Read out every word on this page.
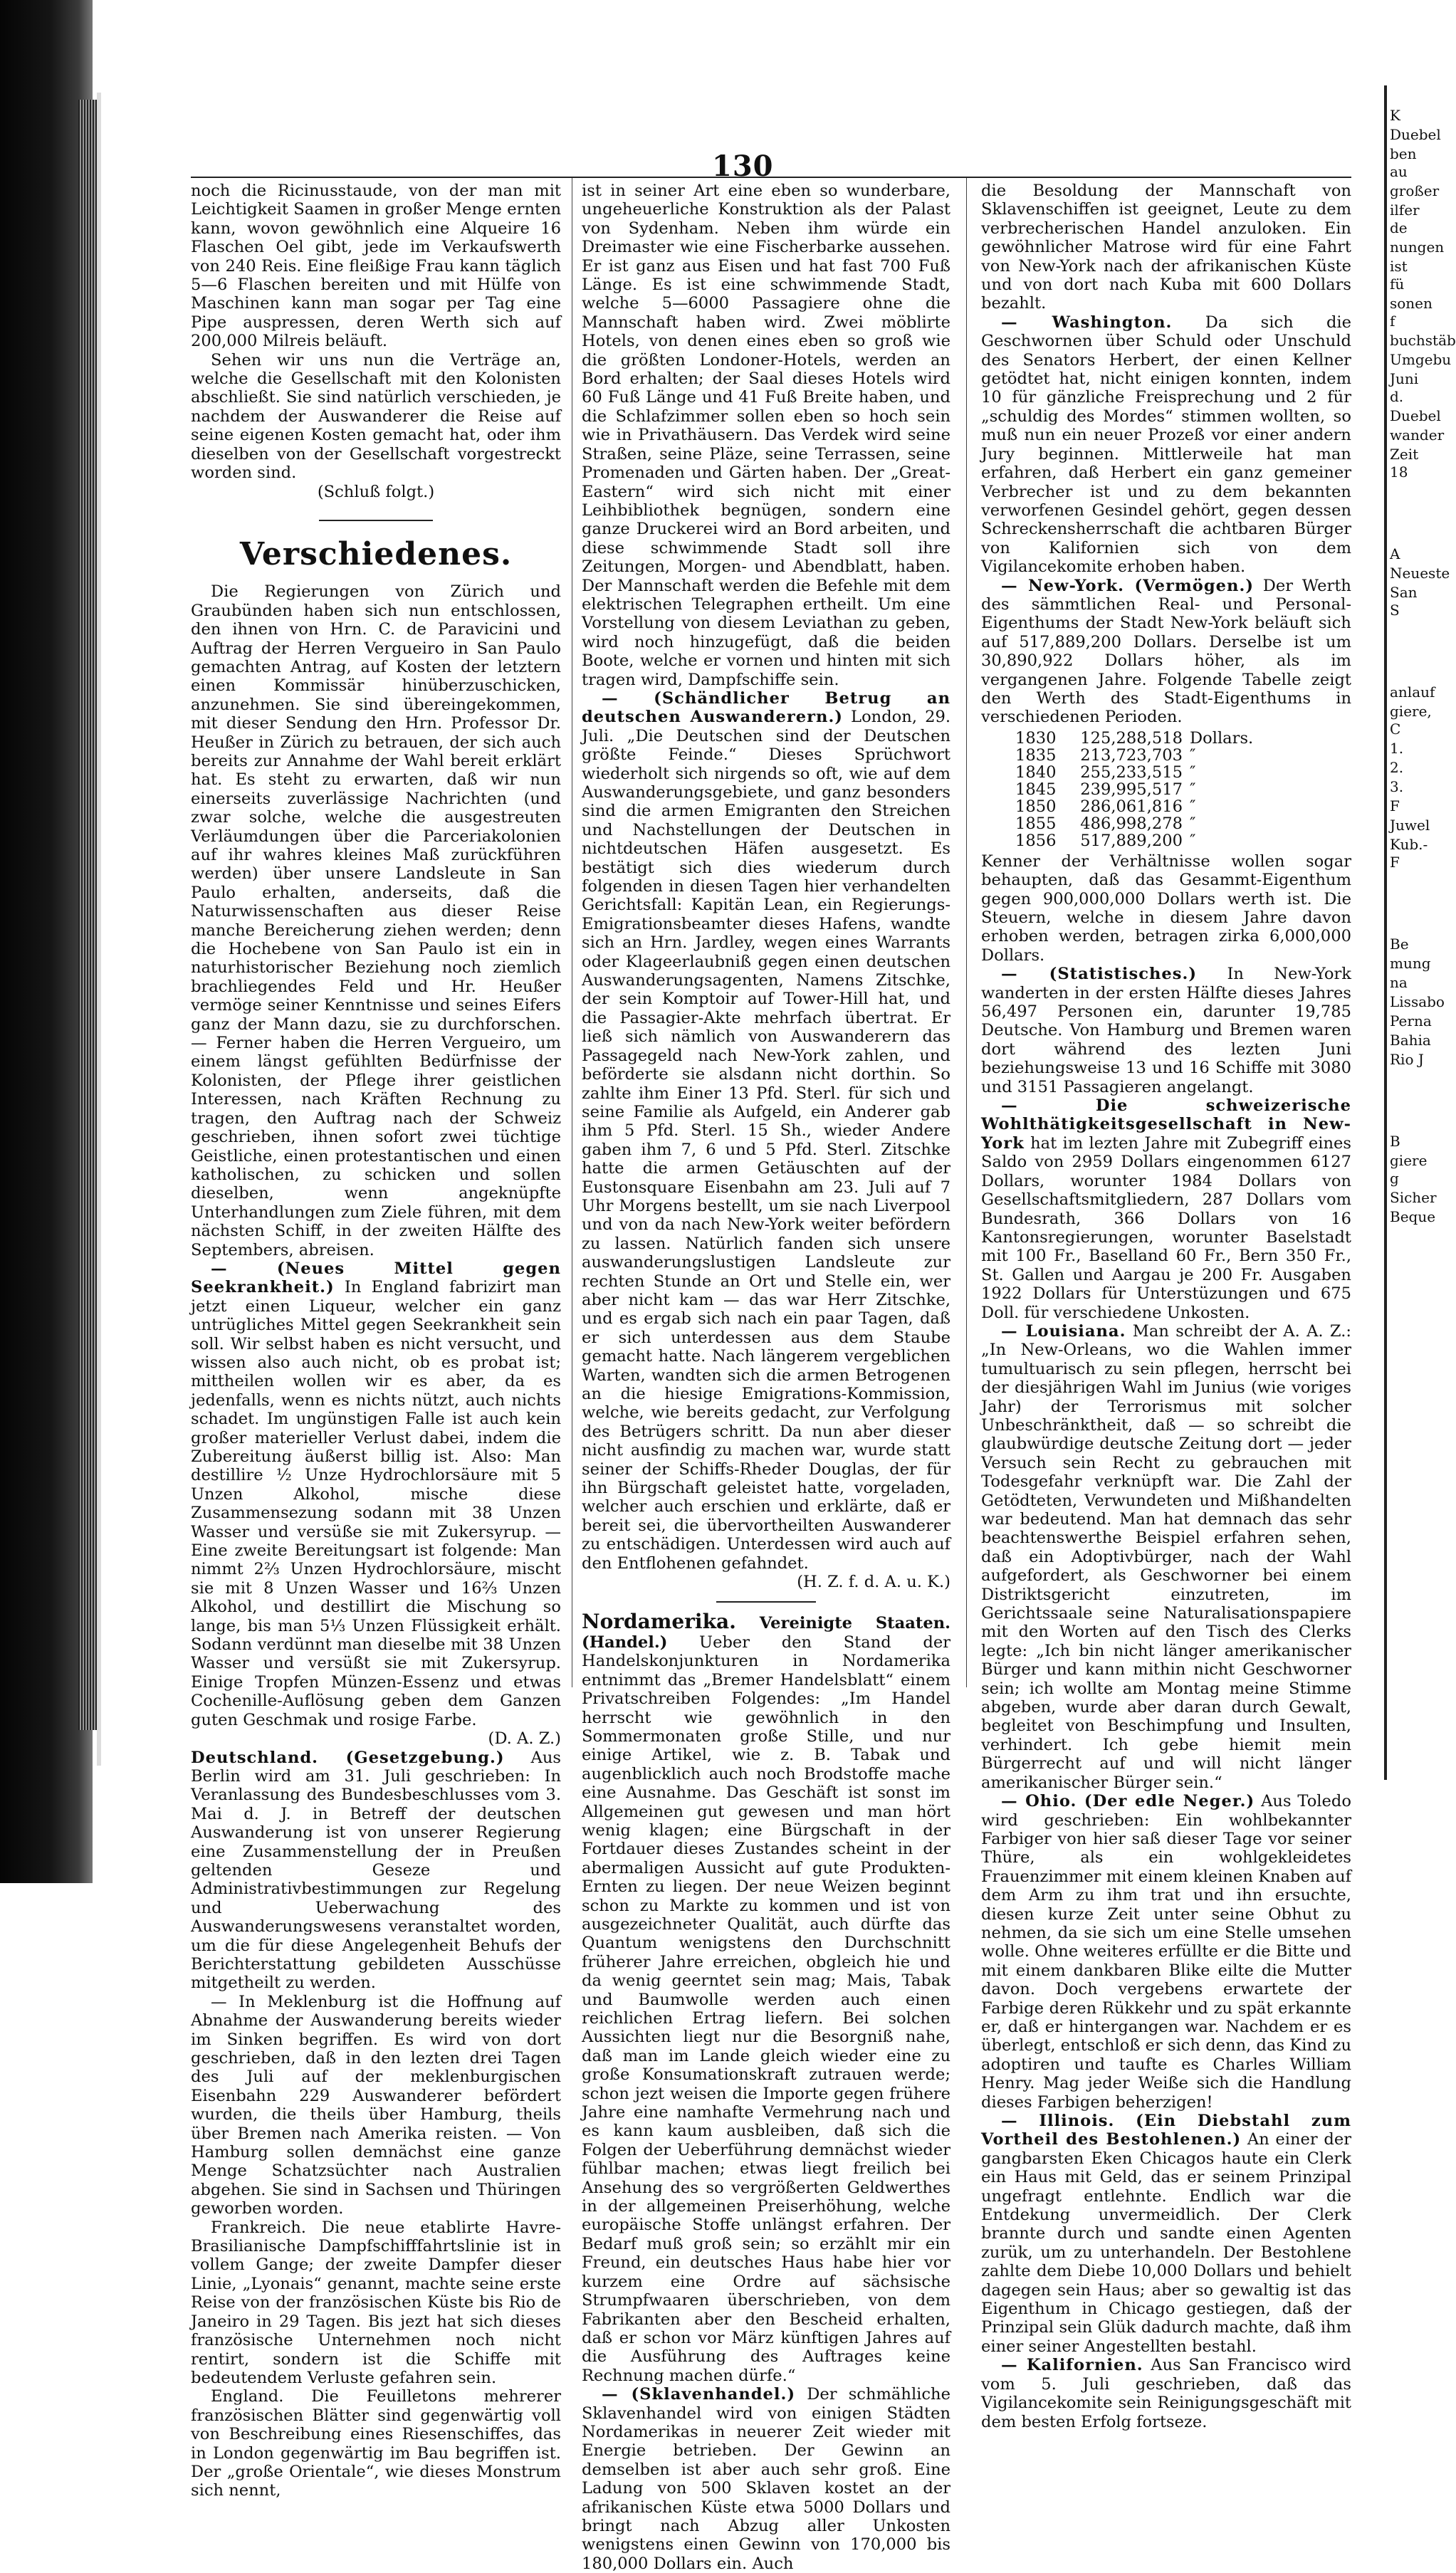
130

noch die Ricinusstaude, von der man mit Leichtigkeit Saamen in großer Menge ernten kann, wovon gewöhnlich eine Alqueire 16 Flaschen Oel gibt, jede im Verkaufswerth von 240 Reis. Eine fleißige Frau kann täglich 5—6 Flaschen bereiten und mit Hülfe von Maschinen kann man sogar per Tag eine Pipe auspressen, deren Werth sich auf 200,000 Milreis beläuft.

Sehen wir uns nun die Verträge an, welche die Gesellschaft mit den Kolonisten abschließt. Sie sind natürlich verschieden, je nachdem der Auswanderer die Reise auf seine eigenen Kosten gemacht hat, oder ihm dieselben von der Gesellschaft vorgestreckt worden sind.

(Schluß folgt.)

Verschiedenes.

Die Regierungen von Zürich und Graubünden haben sich nun entschlossen, den ihnen von Hrn. C. de Paravicini und Auftrag der Herren Vergueiro in San Paulo gemachten Antrag, auf Kosten der letztern einen Kommissär hinüberzuschicken, anzunehmen. Sie sind übereingekommen, mit dieser Sendung den Hrn. Professor Dr. Heußer in Zürich zu betrauen, der sich auch bereits zur Annahme der Wahl bereit erklärt hat. Es steht zu erwarten, daß wir nun einerseits zuverlässige Nachrichten (und zwar solche, welche die ausgestreuten Verläumdungen über die Parceriakolonien auf ihr wahres kleines Maß zurückführen werden) über unsere Landsleute in San Paulo erhalten, anderseits, daß die Naturwissenschaften aus dieser Reise manche Bereicherung ziehen werden; denn die Hochebene von San Paulo ist ein in naturhistorischer Beziehung noch ziemlich brachliegendes Feld und Hr. Heußer vermöge seiner Kenntnisse und seines Eifers ganz der Mann dazu, sie zu durchforschen. — Ferner haben die Herren Vergueiro, um einem längst gefühlten Bedürfnisse der Kolonisten, der Pflege ihrer geistlichen Interessen, nach Kräften Rechnung zu tragen, den Auftrag nach der Schweiz geschrieben, ihnen sofort zwei tüchtige Geistliche, einen protestantischen und einen katholischen, zu schicken und sollen dieselben, wenn angeknüpfte Unterhandlungen zum Ziele führen, mit dem nächsten Schiff, in der zweiten Hälfte des Septembers, abreisen.

— (Neues Mittel gegen Seekrankheit.) In England fabrizirt man jetzt einen Liqueur, welcher ein ganz untrügliches Mittel gegen Seekrankheit sein soll. Wir selbst haben es nicht versucht, und wissen also auch nicht, ob es probat ist; mittheilen wollen wir es aber, da es jedenfalls, wenn es nichts nützt, auch nichts schadet. Im ungünstigen Falle ist auch kein großer materieller Verlust dabei, indem die Zubereitung äußerst billig ist. Also: Man destillire ½ Unze Hydrochlorsäure mit 5 Unzen Alkohol, mische diese Zusammensezung sodann mit 38 Unzen Wasser und versüße sie mit Zukersyrup. — Eine zweite Bereitungsart ist folgende: Man nimmt 2⅔ Unzen Hydrochlorsäure, mischt sie mit 8 Unzen Wasser und 16⅔ Unzen Alkohol, und destillirt die Mischung so lange, bis man 5⅓ Unzen Flüssigkeit erhält. Sodann verdünnt man dieselbe mit 38 Unzen Wasser und versüßt sie mit Zukersyrup. Einige Tropfen Münzen-Essenz und etwas Cochenille-Auflösung geben dem Ganzen guten Geschmak und rosige Farbe.

(D. A. Z.)

Deutschland. (Gesetzgebung.) Aus Berlin wird am 31. Juli geschrieben: In Veranlassung des Bundesbeschlusses vom 3. Mai d. J. in Betreff der deutschen Auswanderung ist von unserer Regierung eine Zusammenstellung der in Preußen geltenden Geseze und Administrativbestimmungen zur Regelung und Ueberwachung des Auswanderungswesens veranstaltet worden, um die für diese Angelegenheit Behufs der Berichterstattung gebildeten Ausschüsse mitgetheilt zu werden.

— In Meklenburg ist die Hoffnung auf Abnahme der Auswanderung bereits wieder im Sinken begriffen. Es wird von dort geschrieben, daß in den lezten drei Tagen des Juli auf der meklenburgischen Eisenbahn 229 Auswanderer befördert wurden, die theils über Hamburg, theils über Bremen nach Amerika reisten. — Von Hamburg sollen demnächst eine ganze Menge Schatzsüchter nach Australien abgehen. Sie sind in Sachsen und Thüringen geworben worden.

Frankreich. Die neue etablirte Havre-Brasilianische Dampfschifffahrtslinie ist in vollem Gange; der zweite Dampfer dieser Linie, „Lyonais“ genannt, machte seine erste Reise von der französischen Küste bis Rio de Janeiro in 29 Tagen. Bis jezt hat sich dieses französische Unternehmen noch nicht rentirt, sondern ist die Schiffe mit bedeutendem Verluste gefahren sein.

England. Die Feuilletons mehrerer französischen Blätter sind gegenwärtig voll von Beschreibung eines Riesenschiffes, das in London gegenwärtig im Bau begriffen ist. Der „große Orientale“, wie dieses Monstrum sich nennt,

ist in seiner Art eine eben so wunderbare, ungeheuerliche Konstruktion als der Palast von Sydenham. Neben ihm würde ein Dreimaster wie eine Fischerbarke aussehen. Er ist ganz aus Eisen und hat fast 700 Fuß Länge. Es ist eine schwimmende Stadt, welche 5—6000 Passagiere ohne die Mannschaft haben wird. Zwei möblirte Hotels, von denen eines eben so groß wie die größten Londoner-Hotels, werden an Bord erhalten; der Saal dieses Hotels wird 60 Fuß Länge und 41 Fuß Breite haben, und die Schlafzimmer sollen eben so hoch sein wie in Privathäusern. Das Verdek wird seine Straßen, seine Pläze, seine Terrassen, seine Promenaden und Gärten haben. Der „Great-Eastern“ wird sich nicht mit einer Leihbibliothek begnügen, sondern eine ganze Druckerei wird an Bord arbeiten, und diese schwimmende Stadt soll ihre Zeitungen, Morgen- und Abendblatt, haben. Der Mannschaft werden die Befehle mit dem elektrischen Telegraphen ertheilt. Um eine Vorstellung von diesem Leviathan zu geben, wird noch hinzugefügt, daß die beiden Boote, welche er vornen und hinten mit sich tragen wird, Dampfschiffe sein.

— (Schändlicher Betrug an deutschen Auswanderern.) London, 29. Juli. „Die Deutschen sind der Deutschen größte Feinde.“ Dieses Sprüchwort wiederholt sich nirgends so oft, wie auf dem Auswanderungsgebiete, und ganz besonders sind die armen Emigranten den Streichen und Nachstellungen der Deutschen in nichtdeutschen Häfen ausgesetzt. Es bestätigt sich dies wiederum durch folgenden in diesen Tagen hier verhandelten Gerichtsfall: Kapitän Lean, ein Regierungs-Emigrationsbeamter dieses Hafens, wandte sich an Hrn. Jardley, wegen eines Warrants oder Klageerlaubniß gegen einen deutschen Auswanderungsagenten, Namens Zitschke, der sein Komptoir auf Tower-Hill hat, und die Passagier-Akte mehrfach übertrat. Er ließ sich nämlich von Auswanderern das Passagegeld nach New-York zahlen, und beförderte sie alsdann nicht dorthin. So zahlte ihm Einer 13 Pfd. Sterl. für sich und seine Familie als Aufgeld, ein Anderer gab ihm 5 Pfd. Sterl. 15 Sh., wieder Andere gaben ihm 7, 6 und 5 Pfd. Sterl. Zitschke hatte die armen Getäuschten auf der Eustonsquare Eisenbahn am 23. Juli auf 7 Uhr Morgens bestellt, um sie nach Liverpool und von da nach New-York weiter befördern zu lassen. Natürlich fanden sich unsere auswanderungslustigen Landsleute zur rechten Stunde an Ort und Stelle ein, wer aber nicht kam — das war Herr Zitschke, und es ergab sich nach ein paar Tagen, daß er sich unterdessen aus dem Staube gemacht hatte. Nach längerem vergeblichen Warten, wandten sich die armen Betrogenen an die hiesige Emigrations-Kommission, welche, wie bereits gedacht, zur Verfolgung des Betrügers schritt. Da nun aber dieser nicht ausfindig zu machen war, wurde statt seiner der Schiffs-Rheder Douglas, der für ihn Bürgschaft geleistet hatte, vorgeladen, welcher auch erschien und erklärte, daß er bereit sei, die übervortheilten Auswanderer zu entschädigen. Unterdessen wird auch auf den Entflohenen gefahndet.

(H. Z. f. d. A. u. K.)

Nordamerika. Vereinigte Staaten. (Handel.) Ueber den Stand der Handelskonjunkturen in Nordamerika entnimmt das „Bremer Handelsblatt“ einem Privatschreiben Folgendes: „Im Handel herrscht wie gewöhnlich in den Sommermonaten große Stille, und nur einige Artikel, wie z. B. Tabak und augenblicklich auch noch Brodstoffe mache eine Ausnahme. Das Geschäft ist sonst im Allgemeinen gut gewesen und man hört wenig klagen; eine Bürgschaft in der Fortdauer dieses Zustandes scheint in der abermaligen Aussicht auf gute Produkten-Ernten zu liegen. Der neue Weizen beginnt schon zu Markte zu kommen und ist von ausgezeichneter Qualität, auch dürfte das Quantum wenigstens den Durchschnitt früherer Jahre erreichen, obgleich hie und da wenig geerntet sein mag; Mais, Tabak und Baumwolle werden auch einen reichlichen Ertrag liefern. Bei solchen Aussichten liegt nur die Besorgniß nahe, daß man im Lande gleich wieder eine zu große Konsumationskraft zutrauen werde; schon jezt weisen die Importe gegen frühere Jahre eine namhafte Vermehrung nach und es kann kaum ausbleiben, daß sich die Folgen der Ueberführung demnächst wieder fühlbar machen; etwas liegt freilich bei Ansehung des so vergrößerten Geldwerthes in der allgemeinen Preiserhöhung, welche europäische Stoffe unlängst erfahren. Der Bedarf muß groß sein; so erzählt mir ein Freund, ein deutsches Haus habe hier vor kurzem eine Ordre auf sächsische Strumpfwaaren überschrieben, von dem Fabrikanten aber den Bescheid erhalten, daß er schon vor März künftigen Jahres auf die Ausführung des Auftrages keine Rechnung machen dürfe.“

— (Sklavenhandel.) Der schmähliche Sklavenhandel wird von einigen Städten Nordamerikas in neuerer Zeit wieder mit Energie betrieben. Der Gewinn an demselben ist aber auch sehr groß. Eine Ladung von 500 Sklaven kostet an der afrikanischen Küste etwa 5000 Dollars und bringt nach Abzug aller Unkosten wenigstens einen Gewinn von 170,000 bis 180,000 Dollars ein. Auch

die Besoldung der Mannschaft von Sklavenschiffen ist geeignet, Leute zu dem verbrecherischen Handel anzuloken. Ein gewöhnlicher Matrose wird für eine Fahrt von New-York nach der afrikanischen Küste und von dort nach Kuba mit 600 Dollars bezahlt.

— Washington. Da sich die Geschwornen über Schuld oder Unschuld des Senators Herbert, der einen Kellner getödtet hat, nicht einigen konnten, indem 10 für gänzliche Freisprechung und 2 für „schuldig des Mordes“ stimmen wollten, so muß nun ein neuer Prozeß vor einer andern Jury beginnen. Mittlerweile hat man erfahren, daß Herbert ein ganz gemeiner Verbrecher ist und zu dem bekannten verworfenen Gesindel gehört, gegen dessen Schreckensherrschaft die achtbaren Bürger von Kalifornien sich von dem Vigilancekomite erhoben haben.

— New-York. (Vermögen.) Der Werth des sämmtlichen Real- und Personal-Eigenthums der Stadt New-York beläuft sich auf 517,889,200 Dollars. Derselbe ist um 30,890,922 Dollars höher, als im vergangenen Jahre. Folgende Tabelle zeigt den Werth des Stadt-Eigenthums in verschiedenen Perioden.

1830	125,288,518 Dollars.
1835	213,723,703 ″
1840	255,233,515 ″
1845	239,995,517 ″
1850	286,061,816 ″
1855	486,998,278 ″
1856	517,889,200 ″

Kenner der Verhältnisse wollen sogar behaupten, daß das Gesammt-Eigenthum gegen 900,000,000 Dollars werth ist. Die Steuern, welche in diesem Jahre davon erhoben werden, betragen zirka 6,000,000 Dollars.

— (Statistisches.) In New-York wanderten in der ersten Hälfte dieses Jahres 56,497 Personen ein, darunter 19,785 Deutsche. Von Hamburg und Bremen waren dort während des lezten Juni beziehungsweise 13 und 16 Schiffe mit 3080 und 3151 Passagieren angelangt.

— Die schweizerische Wohlthätigkeitsgesellschaft in New-York hat im lezten Jahre mit Zubegriff eines Saldo von 2959 Dollars eingenommen 6127 Dollars, worunter 1984 Dollars von Gesellschaftsmitgliedern, 287 Dollars vom Bundesrath, 366 Dollars von 16 Kantonsregierungen, worunter Baselstadt mit 100 Fr., Baselland 60 Fr., Bern 350 Fr., St. Gallen und Aargau je 200 Fr. Ausgaben 1922 Dollars für Unterstüzungen und 675 Doll. für verschiedene Unkosten.

— Louisiana. Man schreibt der A. A. Z.: „In New-Orleans, wo die Wahlen immer tumultuarisch zu sein pflegen, herrscht bei der diesjährigen Wahl im Junius (wie voriges Jahr) der Terrorismus mit solcher Unbeschränktheit, daß — so schreibt die glaubwürdige deutsche Zeitung dort — jeder Versuch sein Recht zu gebrauchen mit Todesgefahr verknüpft war. Die Zahl der Getödteten, Verwundeten und Mißhandelten war bedeutend. Man hat demnach das sehr beachtenswerthe Beispiel erfahren sehen, daß ein Adoptivbürger, nach der Wahl aufgefordert, als Geschworner bei einem Distriktsgericht einzutreten, im Gerichtssaale seine Naturalisationspapiere mit den Worten auf den Tisch des Clerks legte: „Ich bin nicht länger amerikanischer Bürger und kann mithin nicht Geschworner sein; ich wollte am Montag meine Stimme abgeben, wurde aber daran durch Gewalt, begleitet von Beschimpfung und Insulten, verhindert. Ich gebe hiemit mein Bürgerrecht auf und will nicht länger amerikanischer Bürger sein.“

— Ohio. (Der edle Neger.) Aus Toledo wird geschrieben: Ein wohlbekannter Farbiger von hier saß dieser Tage vor seiner Thüre, als ein wohlgekleidetes Frauenzimmer mit einem kleinen Knaben auf dem Arm zu ihm trat und ihn ersuchte, diesen kurze Zeit unter seine Obhut zu nehmen, da sie sich um eine Stelle umsehen wolle. Ohne weiteres erfüllte er die Bitte und mit einem dankbaren Blike eilte die Mutter davon. Doch vergebens erwartete der Farbige deren Rükkehr und zu spät erkannte er, daß er hintergangen war. Nachdem er es überlegt, entschloß er sich denn, das Kind zu adoptiren und taufte es Charles William Henry. Mag jeder Weiße sich die Handlung dieses Farbigen beherzigen!

— Illinois. (Ein Diebstahl zum Vortheil des Bestohlenen.) An einer der gangbarsten Eken Chicagos haute ein Clerk ein Haus mit Geld, das er seinem Prinzipal ungefragt entlehnte. Endlich war die Entdekung unvermeidlich. Der Clerk brannte durch und sandte einen Agenten zurük, um zu unterhandeln. Der Bestohlene zahlte dem Diebe 10,000 Dollars und behielt dagegen sein Haus; aber so gewaltig ist das Eigenthum in Chicago gestiegen, daß der Prinzipal sein Glük dadurch machte, daß ihm einer seiner Angestellten bestahl.

— Kalifornien. Aus San Francisco wird vom 5. Juli geschrieben, daß das Vigilancekomite sein Reinigungsgeschäft mit dem besten Erfolg fortseze.

K
Duebel
ben au
großer
ilfer de
nungen
ist fü
sonen f
buchstäb
Umgebu
Juni d.
Duebel
wander
Zeit 18
A
Neueste
San S
anlauf
giere, C
1.
2.
3.
F
Juwel
Kub.-F
Be
mung
na
Lissabo
Perna
Bahia
Rio J
B
giere g
Sicher
Beque
